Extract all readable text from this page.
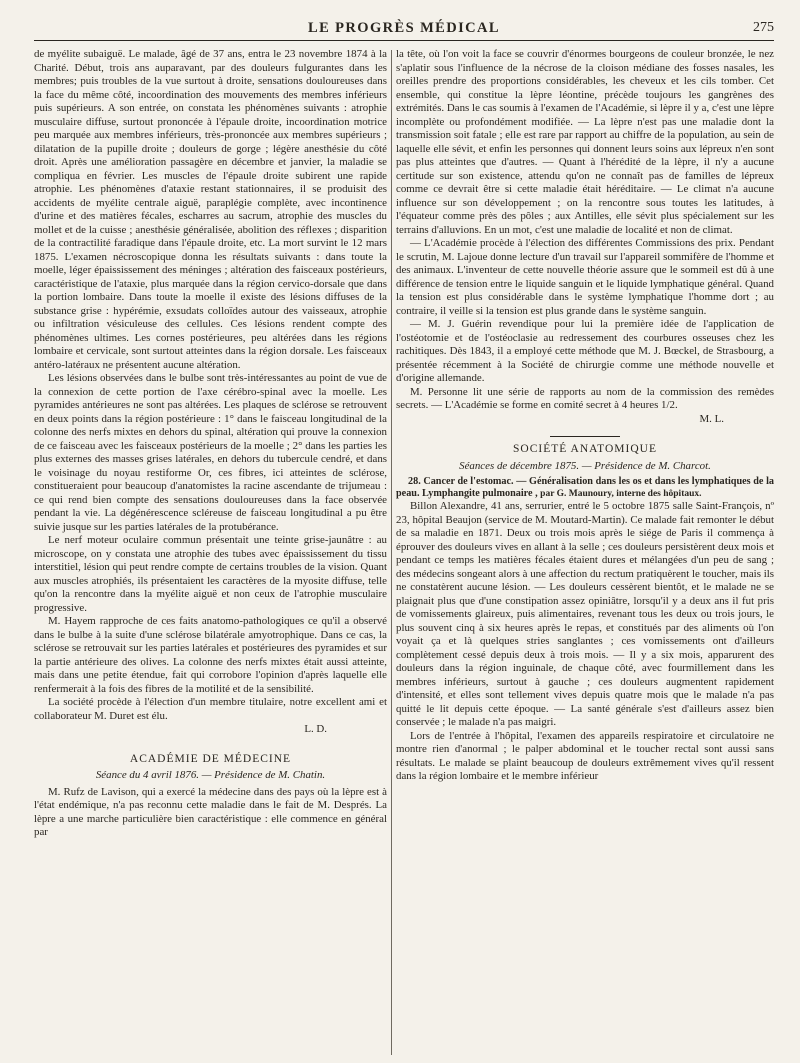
LE PROGRÈS MÉDICAL	275

de myélite subaiguë. Le malade, âgé de 37 ans, entra le 23 novembre 1874 à la Charité. Début, trois ans auparavant, par des douleurs fulgurantes dans les membres; puis troubles de la vue surtout à droite, sensations douloureuses dans la face du même côté, incoordination des mouvements des membres inférieurs puis supérieurs. A son entrée, on constata les phénomènes suivants : atrophie musculaire diffuse, surtout prononcée à l'épaule droite, incoordination motrice peu marquée aux membres inférieurs, très-prononcée aux membres supérieurs ; dilatation de la pupille droite ; douleurs de gorge ; légère anesthésie du côté droit. Après une amélioration passagère en décembre et janvier, la maladie se compliqua en février. Les muscles de l'épaule droite subirent une rapide atrophie. Les phénomènes d'ataxie restant stationnaires, il se produisit des accidents de myélite centrale aiguë, paraplégie complète, avec incontinence d'urine et des matières fécales, escharres au sacrum, atrophie des muscles du mollet et de la cuisse ; anesthésie généralisée, abolition des réflexes ; disparition de la contractilité faradique dans l'épaule droite, etc. La mort survint le 12 mars 1875. L'examen nécroscopique donna les résultats suivants : dans toute la moelle, léger épaississement des méninges ; altération des faisceaux postérieurs, caractéristique de l'ataxie, plus marquée dans la région cervico-dorsale que dans la portion lombaire. Dans toute la moelle il existe des lésions diffuses de la substance grise : hypérémie, exsudats colloïdes autour des vaisseaux, atrophie ou infiltration vésiculeuse des cellules. Ces lésions rendent compte des phénomènes ultimes. Les cornes postérieures, peu altérées dans les régions lombaire et cervicale, sont surtout atteintes dans la région dorsale. Les faisceaux antéro-latéraux ne présentent aucune altération.

Les lésions observées dans le bulbe sont très-intéressantes au point de vue de la connexion de cette portion de l'axe cérébro-spinal avec la moelle. Les pyramides antérieures ne sont pas altérées. Les plaques de sclérose se retrouvent en deux points dans la région postérieure : 1° dans le faisceau longitudinal de la colonne des nerfs mixtes en dehors du spinal, altération qui prouve la connexion de ce faisceau avec les faisceaux postérieurs de la moelle ; 2° dans les parties les plus externes des masses grises latérales, en dehors du tubercule cendré, et dans le voisinage du noyau restiforme Or, ces fibres, ici atteintes de sclérose, constitueraient pour beaucoup d'anatomistes la racine ascendante de trijumeau : ce qui rend bien compte des sensations douloureuses dans la face observée pendant la vie. La dégénérescence scléreuse de faisceau longitudinal a pu être suivie jusque sur les parties latérales de la protubérance.

Le nerf moteur oculaire commun présentait une teinte grise-jaunâtre : au microscope, on y constata une atrophie des tubes avec épaississement du tissu interstitiel, lésion qui peut rendre compte de certains troubles de la vision. Quant aux muscles atrophiés, ils présentaient les caractères de la myosite diffuse, telle qu'on la rencontre dans la myélite aiguë et non ceux de l'atrophie musculaire progressive.

M. Hayem rapproche de ces faits anatomo-pathologiques ce qu'il a observé dans le bulbe à la suite d'une sclérose bilatérale amyotrophique. Dans ce cas, la sclérose se retrouvait sur les parties latérales et postérieures des pyramides et sur la partie antérieure des olives. La colonne des nerfs mixtes était aussi atteinte, mais dans une petite étendue, fait qui corrobore l'opinion d'après laquelle elle renfermerait à la fois des fibres de la motilité et de la sensibilité.

La société procède à l'élection d'un membre titulaire, notre excellent ami et collaborateur M. Duret est élu.

L. D.

ACADÉMIE DE MÉDECINE

Séance du 4 avril 1876. — Présidence de M. Chatin.

M. Rufz de Lavison, qui a exercé la médecine dans des pays où la lèpre est à l'état endémique, n'a pas reconnu cette maladie dans le fait de M. Després. La lèpre a une marche particulière bien caractéristique : elle commence en général par

la tête, où l'on voit la face se couvrir d'énormes bourgeons de couleur bronzée, le nez s'aplatir sous l'influence de la nécrose de la cloison médiane des fosses nasales, les oreilles prendre des proportions considérables, les cheveux et les cils tomber. Cet ensemble, qui constitue la lèpre léontine, précède toujours les gangrènes des extrémités. Dans le cas soumis à l'examen de l'Académie, si lèpre il y a, c'est une lèpre incomplète ou profondément modifiée. — La lèpre n'est pas une maladie dont la transmission soit fatale ; elle est rare par rapport au chiffre de la population, au sein de laquelle elle sévit, et enfin les personnes qui donnent leurs soins aux lépreux n'en sont pas plus atteintes que d'autres. — Quant à l'hérédité de la lèpre, il n'y a aucune certitude sur son existence, attendu qu'on ne connaît pas de familles de lépreux comme ce devrait être si cette maladie était héréditaire. — Le climat n'a aucune influence sur son développement ; on la rencontre sous toutes les latitudes, à l'équateur comme près des pôles ; aux Antilles, elle sévit plus spécialement sur les terrains d'alluvions. En un mot, c'est une maladie de localité et non de climat.

— L'Académie procède à l'élection des différentes Commissions des prix. Pendant le scrutin, M. Lajoue donne lecture d'un travail sur l'appareil sommifère de l'homme et des animaux. L'inventeur de cette nouvelle théorie assure que le sommeil est dû à une différence de tension entre le liquide sanguin et le liquide lymphatique général. Quand la tension est plus considérable dans le système lymphatique l'homme dort ; au contraire, il veille si la tension est plus grande dans le système sanguin.

— M. J. Guérin revendique pour lui la première idée de l'application de l'ostéotomie et de l'ostéoclasie au redressement des courbures osseuses chez les rachitiques. Dès 1843, il a employé cette méthode que M. J. Bœckel, de Strasbourg, a présentée récemment à la Société de chirurgie comme une méthode nouvelle et d'origine allemande.

M. Personne lit une série de rapports au nom de la commission des remèdes secrets. — L'Académie se forme en comité secret à 4 heures 1/2.

M. L.

SOCIÉTÉ ANATOMIQUE

Séances de décembre 1875. — Présidence de M. Charcot.

28. Cancer de l'estomac. — Généralisation dans les os et dans les lymphatiques de la peau. Lymphangite pulmonaire , par G. Maunoury, interne des hôpitaux.

Billon Alexandre, 41 ans, serrurier, entré le 5 octobre 1875 salle Saint-François, nº 23, hôpital Beaujon (service de M. Moutard-Martin). Ce malade fait remonter le début de sa maladie en 1871. Deux ou trois mois après le siége de Paris il commença à éprouver des douleurs vives en allant à la selle ; ces douleurs persistèrent deux mois et pendant ce temps les matières fécales étaient dures et mélangées d'un peu de sang ; des médecins songeant alors à une affection du rectum pratiquèrent le toucher, mais ils ne constatèrent aucune lésion. — Les douleurs cessèrent bientôt, et le malade ne se plaignait plus que d'une constipation assez opiniâtre, lorsqu'il y a deux ans il fut pris de vomissements glaireux, puis alimentaires, revenant tous les deux ou trois jours, le plus souvent cinq à six heures après le repas, et constitués par des aliments où l'on voyait ça et là quelques stries sanglantes ; ces vomissements ont d'ailleurs complètement cessé depuis deux à trois mois. — Il y a six mois, apparurent des douleurs dans la région inguinale, de chaque côté, avec fourmillement dans les membres inférieurs, surtout à gauche ; ces douleurs augmentent rapidement d'intensité, et elles sont tellement vives depuis quatre mois que le malade n'a pas quitté le lit depuis cette époque. — La santé générale s'est d'ailleurs assez bien conservée ; le malade n'a pas maigri.

Lors de l'entrée à l'hôpital, l'examen des appareils respiratoire et circulatoire ne montre rien d'anormal ; le palper abdominal et le toucher rectal sont aussi sans résultats. Le malade se plaint beaucoup de douleurs extrêmement vives qu'il ressent dans la région lombaire et le membre inférieur
